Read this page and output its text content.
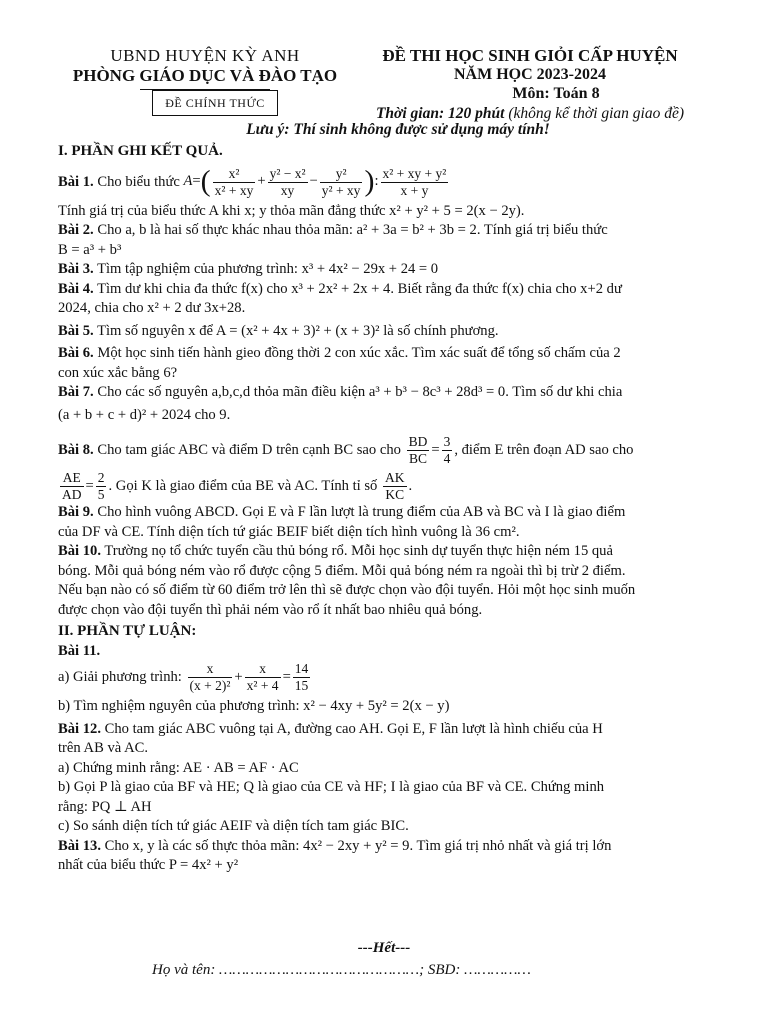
UBND HUYỆN KỲ ANH
PHÒNG GIÁO DỤC VÀ ĐÀO TẠO
ĐỀ CHÍNH THỨC
ĐỀ THI HỌC SINH GIỎI CẤP HUYỆN
NĂM HỌC 2023-2024
Môn: Toán 8
Thời gian: 120 phút (không kể thời gian giao đề)
Lưu ý: Thí sinh không được sử dụng máy tính!
I. PHẦN GHI KẾT QUẢ.
Bài 1. Cho biểu thức $A=( \frac{\text{x²}}{\text{x² + xy}} + \frac{\text{y² − x²}}{xy} - \frac{\text{y²}}{\text{y² + xy}}$ ): $\frac{\text{x² + xy + y²}}{x + y}$
Tính giá trị của biểu thức A khi x; y thỏa mãn đẳng thức x² + y² + 5 = 2(x − 2y).
Bài 2. Cho a, b là hai số thực khác nhau thỏa mãn: a² + 3a = b² + 3b = 2. Tính giá trị biểu thức
B = a³ + b³
Bài 3. Tìm tập nghiệm của phương trình: x³ + 4x² − 29x + 24 = 0
Bài 4. Tìm dư khi chia đa thức f(x) cho x³ + 2x² + 2x + 4. Biết rằng đa thức f(x) chia cho x+2 dư
2024, chia cho x² + 2 dư 3x+28.
Bài 5. Tìm số nguyên x để A = (x² + 4x + 3)² + (x + 3)² là số chính phương.
Bài 6. Một học sinh tiến hành gieo đồng thời 2 con xúc xắc. Tìm xác suất để tổng số chấm của 2
con xúc xắc bằng 6?
Bài 7. Cho các số nguyên a,b,c,d thỏa mãn điều kiện a³ + b³ − 8c³ + 28d³ = 0. Tìm số dư khi chia
(a + b + c + d)² + 2024 cho 9.
Bài 8. Cho tam giác ABC và điểm D trên cạnh BC sao cho $\frac{BD}{BC} = \frac{3}{4}$ , điểm E trên đoạn AD sao cho
$\frac{AE}{AD} = \frac{2}{5}$ . Gọi K là giao điểm của BE và AC. Tính tỉ số $\frac{AK}{KC}$ .
Bài 9. Cho hình vuông ABCD. Gọi E và F lần lượt là trung điểm của AB và BC và I là giao điểm
của DF và CE. Tính diện tích tứ giác BEIF biết diện tích hình vuông là 36 cm².
Bài 10. Trường nọ tổ chức tuyển cầu thủ bóng rổ. Mỗi học sinh dự tuyển thực hiện ném 15 quả
bóng. Mỗi quả bóng ném vào rổ được cộng 5 điểm. Mỗi quả bóng ném ra ngoài thì bị trừ 2 điểm.
Nếu bạn nào có số điểm từ 60 điểm trở lên thì sẽ được chọn vào đội tuyển. Hỏi một học sinh muốn
được chọn vào đội tuyển thì phải ném vào rổ ít nhất bao nhiêu quả bóng.
II. PHẦN TỰ LUẬN:
Bài 11.
a) Giải phương trình: $\frac{x}{\text{(x + 2)²}} + \frac{x}{\text{x² + 4}} = \frac{14}{15}$
b) Tìm nghiệm nguyên của phương trình: x² − 4xy + 5y² = 2(x − y)
Bài 12. Cho tam giác ABC vuông tại A, đường cao AH. Gọi E, F lần lượt là hình chiếu của H
trên AB và AC.
a) Chứng minh rằng: AE · AB = AF · AC
b) Gọi P là giao của BF và HE; Q là giao của CE và HF; I là giao của BF và CE. Chứng minh
rằng: PQ ⊥ AH
c) So sánh diện tích tứ giác AEIF và diện tích tam giác BIC.
Bài 13. Cho x, y là các số thực thỏa mãn: 4x² − 2xy + y² = 9. Tìm giá trị nhỏ nhất và giá trị lớn
nhất của biểu thức P = 4x² + y²
---Hết---
Họ và tên: ………………………………………; SBD: ……………
